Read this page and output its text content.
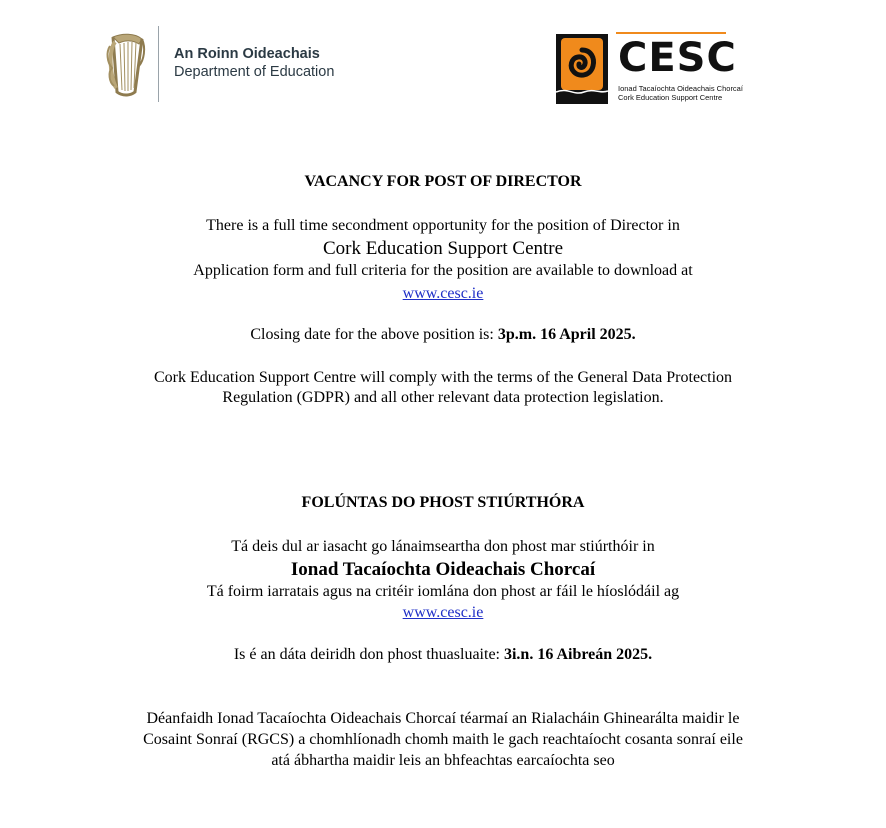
An Roinn Oideachais
Department of Education	CESC
Ionad Tacaíochta Oideachais Chorcaí
Cork Education Support Centre
VACANCY FOR POST OF DIRECTOR
There is a full time secondment opportunity for the position of Director in
Cork Education Support Centre
Application form and full criteria for the position are available to download at
www.cesc.ie
Closing date for the above position is: 3p.m. 16 April 2025.
Cork Education Support Centre will comply with the terms of the General Data Protection
Regulation (GDPR) and all other relevant data protection legislation.
FOLÚNTAS DO PHOST STIÚRTHÓRA
Tá deis dul ar iasacht go lánaimseartha don phost mar stiúrthóir in
Ionad Tacaíochta Oideachais Chorcaí
Tá foirm iarratais agus na critéir iomlána don phost ar fáil le híoslódáil ag
www.cesc.ie
Is é an dáta deiridh don phost thuasluaite: 3i.n. 16 Aibreán 2025.
Déanfaidh Ionad Tacaíochta Oideachais Chorcaí téarmaí an Rialacháin Ghinearálta maidir le
Cosaint Sonraí (RGCS) a chomhlíonadh chomh maith le gach reachtaíocht cosanta sonraí eile
atá ábhartha maidir leis an bhfeachtas earcaíochta seo
